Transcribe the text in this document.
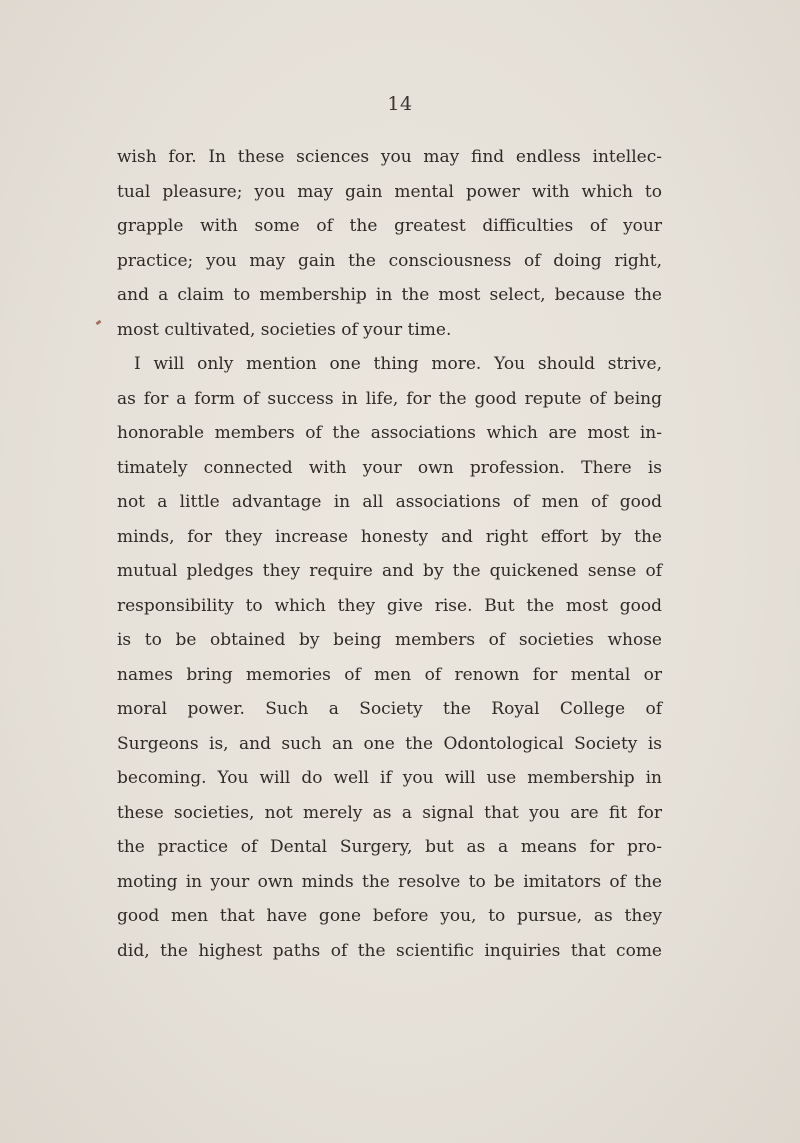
14
wish for. In these sciences you may find endless intellec-
tual pleasure; you may gain mental power with which to
grapple with some of the greatest difficulties of your
practice; you may gain the consciousness of doing right,
and a claim to membership in the most select, because the
most cultivated, societies of your time.
I will only mention one thing more. You should strive,
as for a form of success in life, for the good repute of being
honorable members of the associations which are most in-
timately connected with your own profession. There is
not a little advantage in all associations of men of good
minds, for they increase honesty and right effort by the
mutual pledges they require and by the quickened sense of
responsibility to which they give rise. But the most good
is to be obtained by being members of societies whose
names bring memories of men of renown for mental or
moral power. Such a Society the Royal College of
Surgeons is, and such an one the Odontological Society is
becoming. You will do well if you will use membership in
these societies, not merely as a signal that you are fit for
the practice of Dental Surgery, but as a means for pro-
moting in your own minds the resolve to be imitators of the
good men that have gone before you, to pursue, as they
did, the highest paths of the scientific inquiries that come
